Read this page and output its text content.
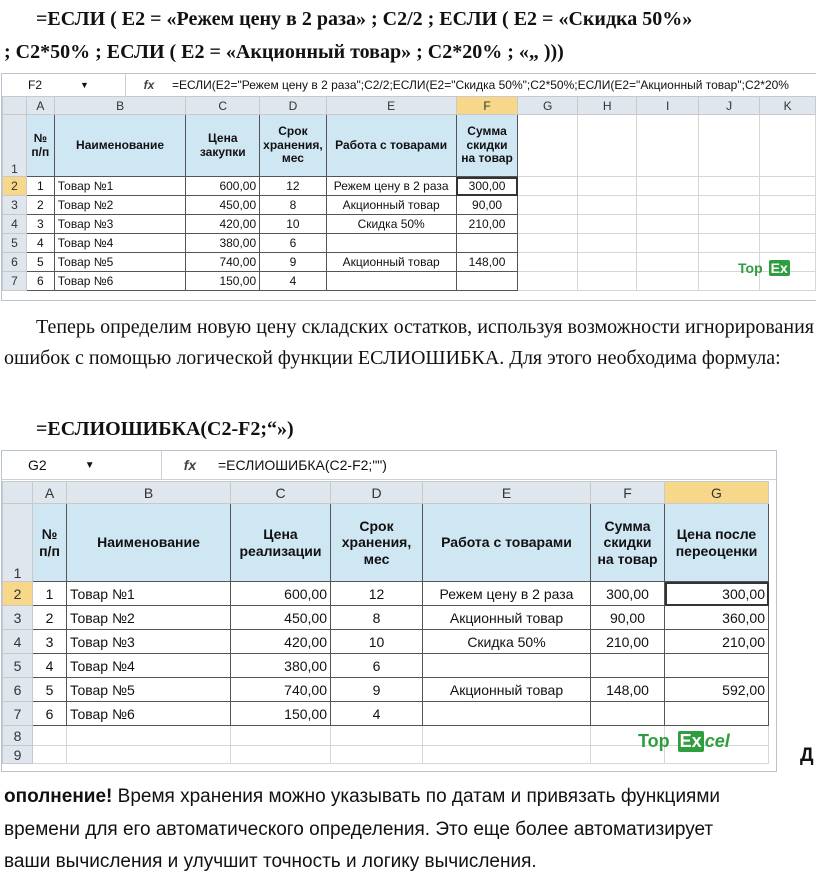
=ЕСЛИ ( Е2 = «Режем цену в 2 раза» ; С2/2 ; ЕСЛИ ( Е2 = «Скидка 50%»
; С2*50% ; ЕСЛИ ( Е2 = «Акционный товар» ; С2*20% ; «„ )))
F2	▼	fx	=ЕСЛИ(E2="Режем цену в 2 раза";C2/2;ЕСЛИ(E2="Скидка 50%";C2*50%;ЕСЛИ(E2="Акционный товар";C2*20%
	A	B	C	D	E	F	G	H	I	J	K
1	№ п/п	Наименование	Цена закупки	Срок хранения, мес	Работа с товарами	Сумма скидки на товар					
2	1	Товар №1	600,00	12	Режем цену в 2 раза	300,00					
3	2	Товар №2	450,00	8	Акционный товар	90,00					
4	3	Товар №3	420,00	10	Скидка 50%	210,00					
5	4	Товар №4	380,00	6							
6	5	Товар №5	740,00	9	Акционный товар	148,00					
7	6	Товар №6	150,00	4							
Top Ex
Теперь определим новую цену складских остатков, используя возможности игнорирования ошибок с помощью логической функции ЕСЛИОШИБКА. Для этого необходима формула:
=ЕСЛИОШИБКА(С2-F2;“»)
G2	▼	fx	=ЕСЛИОШИБКА(C2-F2;"")
	A	B	C	D	E	F	G
1	№ п/п	Наименование	Цена реализации	Срок хранения, мес	Работа с товарами	Сумма скидки на товар	Цена после переоценки
2	1	Товар №1	600,00	12	Режем цену в 2 раза	300,00	300,00
3	2	Товар №2	450,00	8	Акционный товар	90,00	360,00
4	3	Товар №3	420,00	10	Скидка 50%	210,00	210,00
5	4	Товар №4	380,00	6			
6	5	Товар №5	740,00	9	Акционный товар	148,00	592,00
7	6	Товар №6	150,00	4			
8							
9							
Top Ex cel
Д
ополнение! Время хранения можно указывать по датам и привязать функциями
времени для его автоматического определения. Это еще более автоматизирует
ваши вычисления и улучшит точность и логику вычисления.
